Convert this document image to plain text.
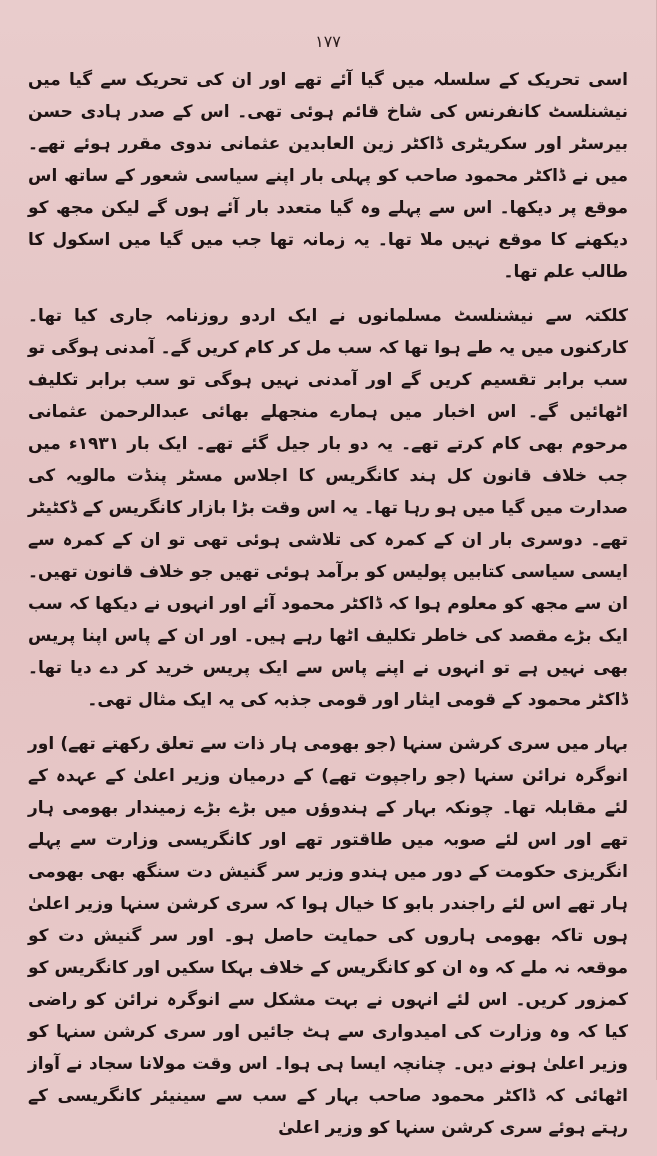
۱۷۷

اسی تحریک کے سلسلہ میں گیا آئے تھے اور ان کی تحریک سے گیا میں نیشنلسٹ کانفرنس کی شاخ قائم ہوئی تھی۔ اس کے صدر ہادی حسن بیرسٹر اور سکریٹری ڈاکٹر زین العابدین عثمانی ندوی مقرر ہوئے تھے۔ میں نے ڈاکٹر محمود صاحب کو پہلی بار اپنے سیاسی شعور کے ساتھ اس موقع پر دیکھا۔ اس سے پہلے وہ گیا متعدد بار آئے ہوں گے لیکن مجھ کو دیکھنے کا موقع نہیں ملا تھا۔ یہ زمانہ تھا جب میں گیا میں اسکول کا طالب علم تھا۔

کلکتہ سے نیشنلسٹ مسلمانوں نے ایک اردو روزنامہ جاری کیا تھا۔ کارکنوں میں یہ طے ہوا تھا کہ سب مل کر کام کریں گے۔ آمدنی ہوگی تو سب برابر تقسیم کریں گے اور آمدنی نہیں ہوگی تو سب برابر تکلیف اٹھائیں گے۔ اس اخبار میں ہمارے منجھلے بھائی عبدالرحمن عثمانی مرحوم بھی کام کرتے تھے۔ یہ دو بار جیل گئے تھے۔ ایک بار ۱۹۳۱ء میں جب خلاف قانون کل ہند کانگریس کا اجلاس مسٹر پنڈت مالویہ کی صدارت میں گیا میں ہو رہا تھا۔ یہ اس وقت بڑا بازار کانگریس کے ڈکٹیٹر تھے۔ دوسری بار ان کے کمرہ کی تلاشی ہوئی تھی تو ان کے کمرہ سے ایسی سیاسی کتابیں پولیس کو برآمد ہوئی تھیں جو خلاف قانون تھیں۔ ان سے مجھ کو معلوم ہوا کہ ڈاکٹر محمود آئے اور انہوں نے دیکھا کہ سب ایک بڑے مقصد کی خاطر تکلیف اٹھا رہے ہیں۔ اور ان کے پاس اپنا پریس بھی نہیں ہے تو انہوں نے اپنے پاس سے ایک پریس خرید کر دے دیا تھا۔ ڈاکٹر محمود کے قومی ایثار اور قومی جذبہ کی یہ ایک مثال تھی۔

بہار میں سری کرشن سنہا (جو بھومی ہار ذات سے تعلق رکھتے تھے) اور انوگرہ نرائن سنہا (جو راجپوت تھے) کے درمیان وزیر اعلیٰ کے عہدہ کے لئے مقابلہ تھا۔ چونکہ بہار کے ہندوؤں میں بڑے بڑے زمیندار بھومی ہار تھے اور اس لئے صوبہ میں طاقتور تھے اور کانگریسی وزارت سے پہلے انگریزی حکومت کے دور میں ہندو وزیر سر گنیش دت سنگھ بھی بھومی ہار تھے اس لئے راجندر بابو کا خیال ہوا کہ سری کرشن سنہا وزیر اعلیٰ ہوں تاکہ بھومی ہاروں کی حمایت حاصل ہو۔ اور سر گنیش دت کو موقعہ نہ ملے کہ وہ ان کو کانگریس کے خلاف بہکا سکیں اور کانگریس کو کمزور کریں۔ اس لئے انہوں نے بہت مشکل سے انوگرہ نرائن کو راضی کیا کہ وہ وزارت کی امیدواری سے ہٹ جائیں اور سری کرشن سنہا کو وزیر اعلیٰ ہونے دیں۔ چنانچہ ایسا ہی ہوا۔ اس وقت مولانا سجاد نے آواز اٹھائی کہ ڈاکٹر محمود صاحب بہار کے سب سے سینیئر کانگریسی کے رہتے ہوئے سری کرشن سنہا کو وزیر اعلیٰ
